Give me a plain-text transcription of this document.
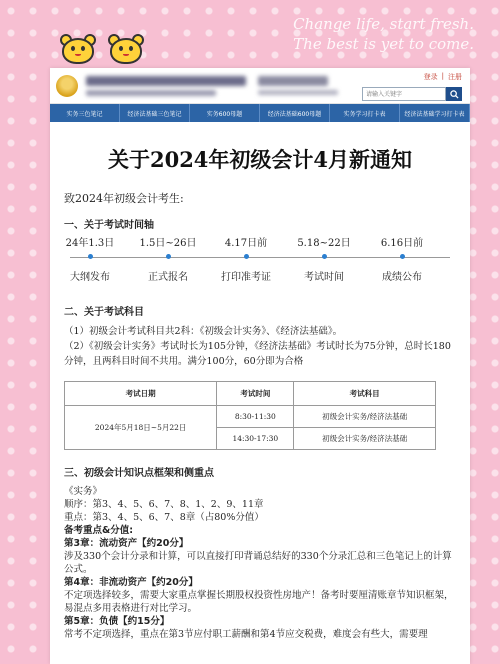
Change life, start fresh.
The best is yet to come.
登录 | 注册
请输入关键字
实务三色笔记	经济法基础三色笔记	实务600母题	经济法基础600母题	实务学习打卡表	经济法基础学习打卡表
关于2024年初级会计4月新通知
致2024年初级会计考生:
一、关于考试时间轴
24年1.3日
大纲发布
1.5日~26日
正式报名
4.17日前
打印准考证
5.18~22日
考试时间
6.16日前
成绩公布
二、关于考试科目
（1）初级会计考试科目共2科：《初级会计实务》、《经济法基础》。
（2）《初级会计实务》考试时长为105分钟，《经济法基础》考试时长为75分钟，总时长180分钟，且两科目时间不共用。满分100分，60分即为合格
考试日期	考试时间	考试科目
2024年5月18日~5月22日	8:30-11:30	初级会计实务/经济法基础
	14:30-17:30	初级会计实务/经济法基础
三、初级会计知识点框架和侧重点
《实务》
顺序：第3、4、5、6、7、8、1、2、9、11章
重点：第3、4、5、6、7、8章（占80%分值）
备考重点&分值:
第3章：流动资产【约20分】
涉及330个会计分录和计算，可以直接打印背诵总结好的330个分录汇总和三色笔记上的计算公式。
第4章：非流动资产【约20分】
不定项选择较多，需要大家重点掌握长期股权投资性房地产！备考时要厘清账章节知识框架，易混点多用表格进行对比学习。
第5章：负债【约15分】
常考不定项选择，重点在第3节应付职工薪酬和第4节应交税费，难度会有些大，需要理
